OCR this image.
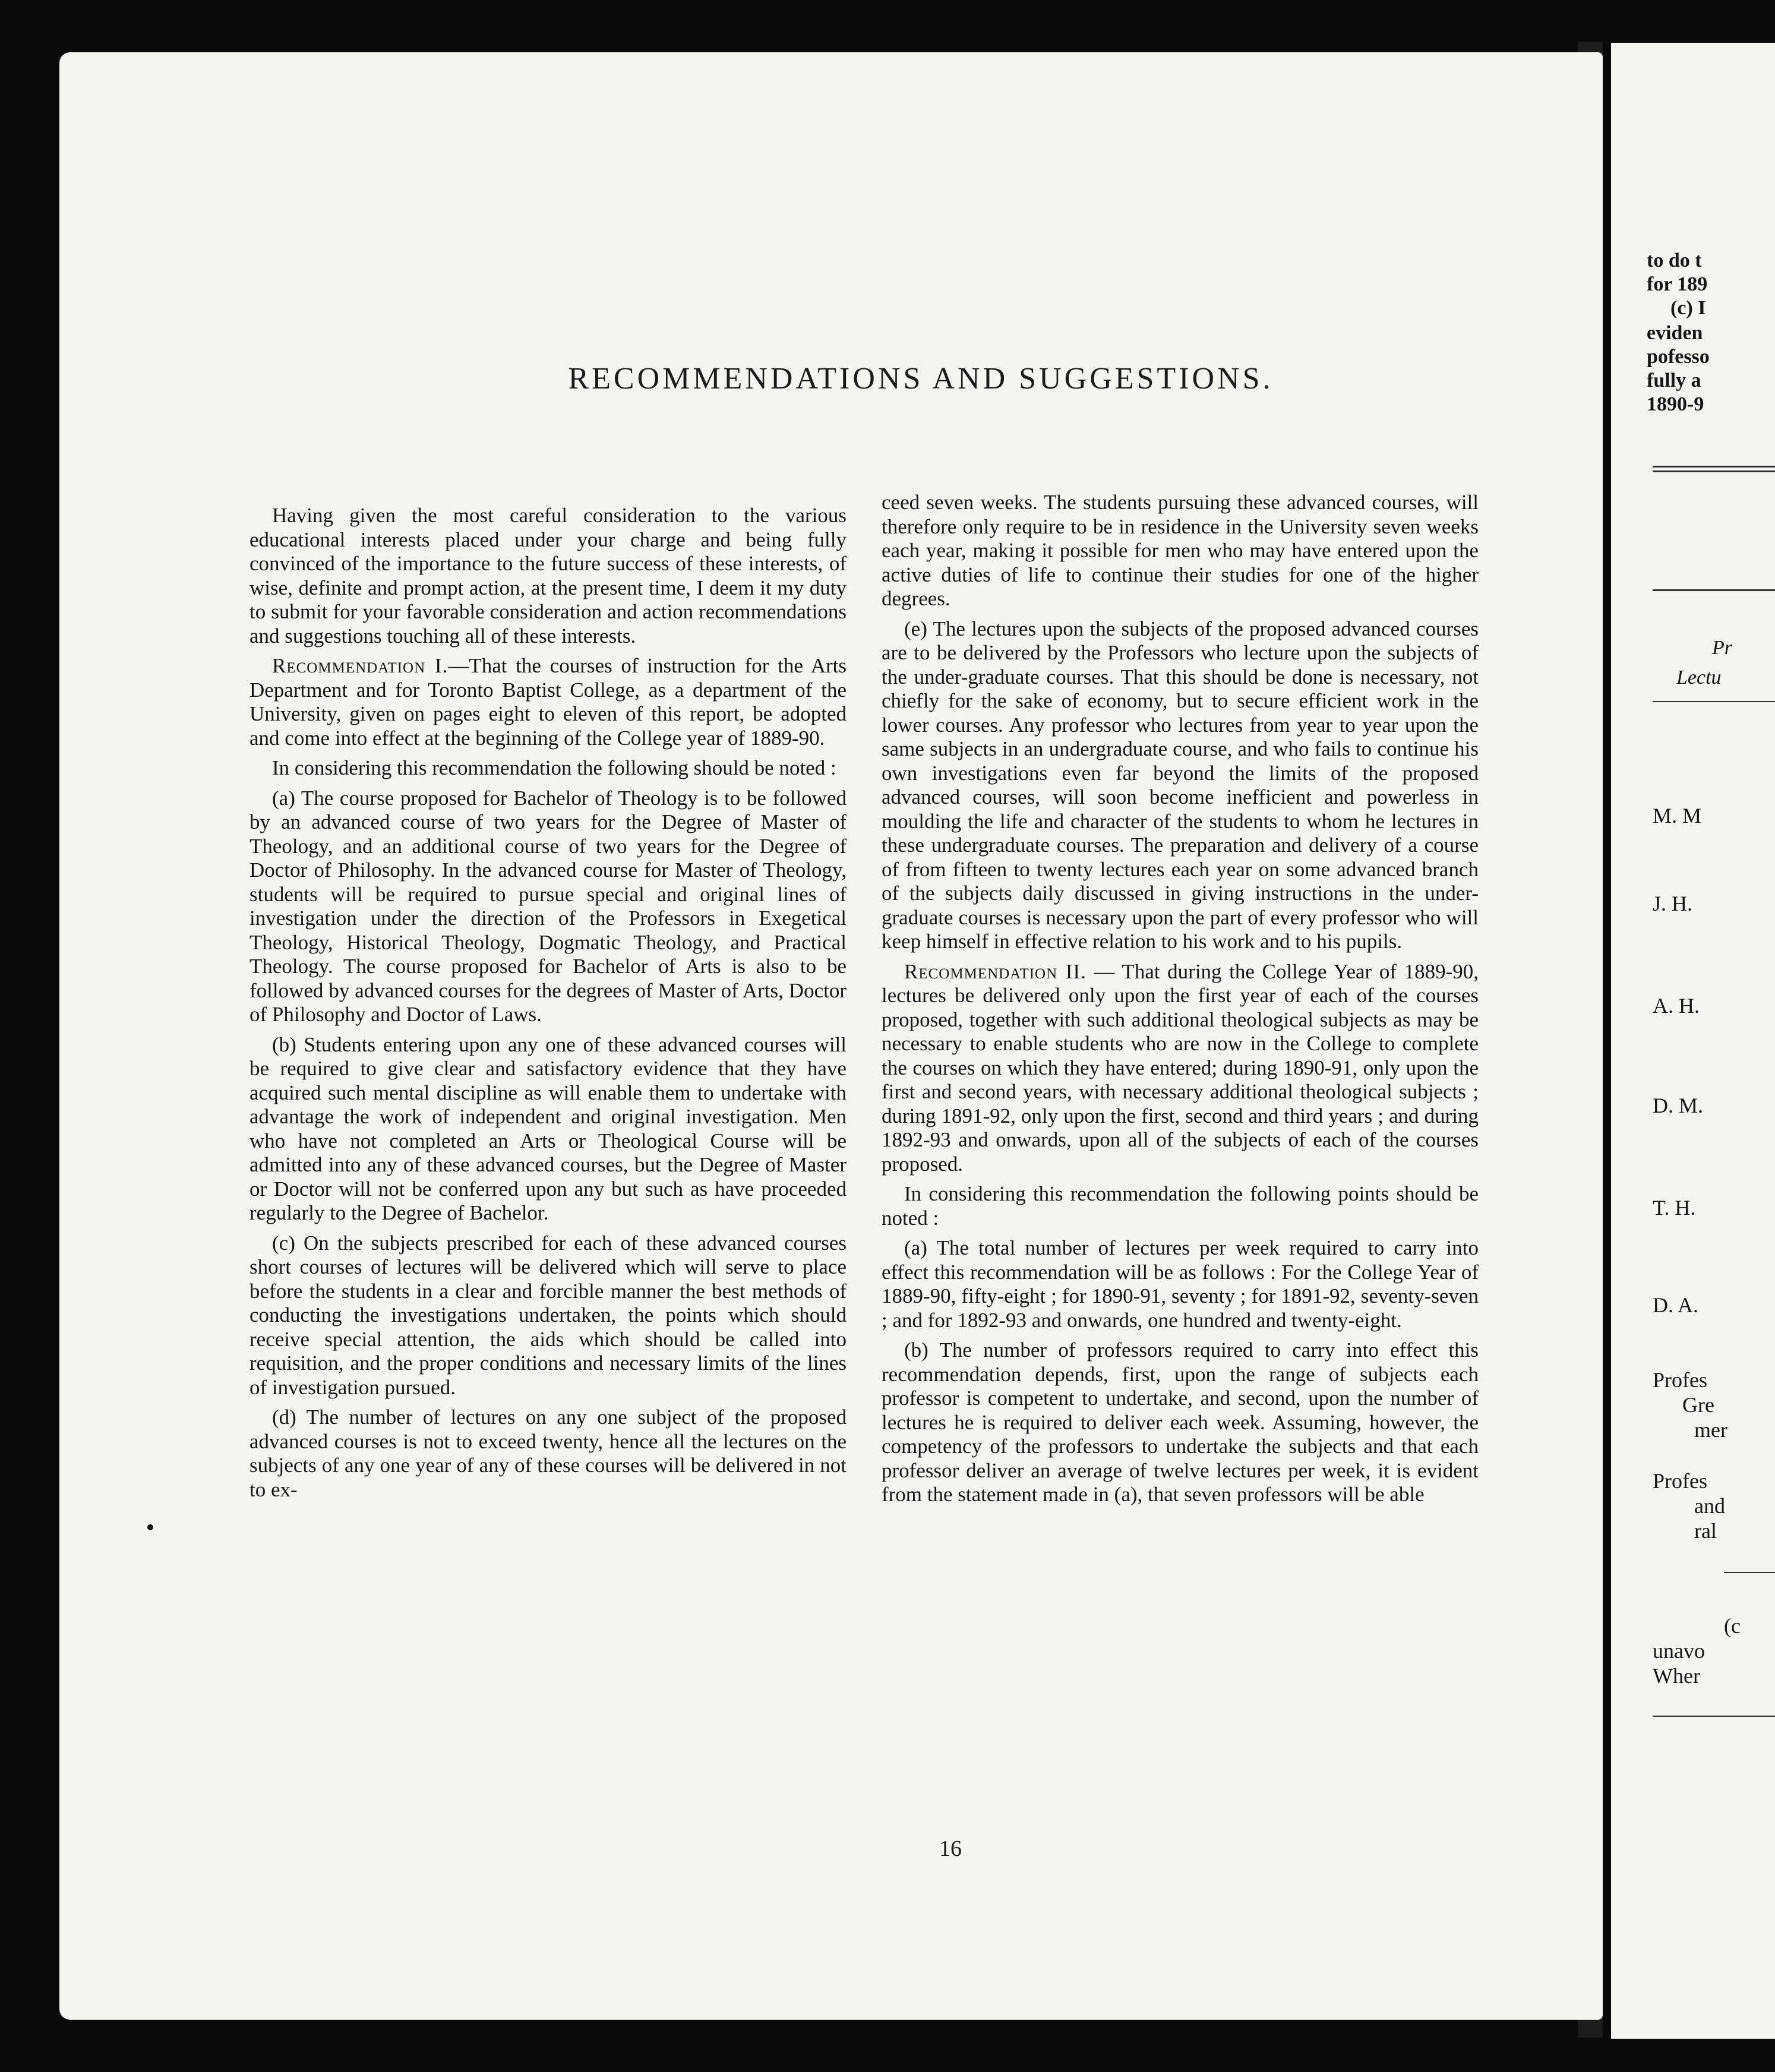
RECOMMENDATIONS AND SUGGESTIONS.

Having given the most careful consideration to the various educational interests placed under your charge and being fully convinced of the importance to the future success of these interests, of wise, definite and prompt action, at the present time, I deem it my duty to submit for your favorable consideration and action recommendations and suggestions touching all of these interests.

Recommendation I.—That the courses of instruction for the Arts Department and for Toronto Baptist College, as a department of the University, given on pages eight to eleven of this report, be adopted and come into effect at the beginning of the College year of 1889-90.

In considering this recommendation the following should be noted :

(a) The course proposed for Bachelor of Theology is to be followed by an advanced course of two years for the Degree of Master of Theology, and an additional course of two years for the Degree of Doctor of Philosophy. In the advanced course for Master of Theology, students will be required to pursue special and original lines of investigation under the direction of the Professors in Exegetical Theology, Historical Theology, Dogmatic Theology, and Practical Theology. The course proposed for Bachelor of Arts is also to be followed by advanced courses for the degrees of Master of Arts, Doctor of Philosophy and Doctor of Laws.

(b) Students entering upon any one of these advanced courses will be required to give clear and satisfactory evidence that they have acquired such mental discipline as will enable them to undertake with advantage the work of independent and original investigation. Men who have not completed an Arts or Theological Course will be admitted into any of these advanced courses, but the Degree of Master or Doctor will not be conferred upon any but such as have proceeded regularly to the Degree of Bachelor.

(c) On the subjects prescribed for each of these advanced courses short courses of lectures will be delivered which will serve to place before the students in a clear and forcible manner the best methods of conducting the investigations undertaken, the points which should receive special attention, the aids which should be called into requisition, and the proper conditions and necessary limits of the lines of investigation pursued.

(d) The number of lectures on any one subject of the proposed advanced courses is not to exceed twenty, hence all the lectures on the subjects of any one year of any of these courses will be delivered in not to ex-

ceed seven weeks. The students pursuing these advanced courses, will therefore only require to be in residence in the University seven weeks each year, making it possible for men who may have entered upon the active duties of life to continue their studies for one of the higher degrees.

(e) The lectures upon the subjects of the proposed advanced courses are to be delivered by the Professors who lecture upon the subjects of the under-graduate courses. That this should be done is necessary, not chiefly for the sake of economy, but to secure efficient work in the lower courses. Any professor who lectures from year to year upon the same subjects in an undergraduate course, and who fails to continue his own investigations even far beyond the limits of the proposed advanced courses, will soon become inefficient and powerless in moulding the life and character of the students to whom he lectures in these undergraduate courses. The preparation and delivery of a course of from fifteen to twenty lectures each year on some advanced branch of the subjects daily discussed in giving instructions in the under-graduate courses is necessary upon the part of every professor who will keep himself in effective relation to his work and to his pupils.

Recommendation II. — That during the College Year of 1889-90, lectures be delivered only upon the first year of each of the courses proposed, together with such additional theological subjects as may be necessary to enable students who are now in the College to complete the courses on which they have entered; during 1890-91, only upon the first and second years, with necessary additional theological subjects ; during 1891-92, only upon the first, second and third years ; and during 1892-93 and onwards, upon all of the subjects of each of the courses proposed.

In considering this recommendation the following points should be noted :

(a) The total number of lectures per week required to carry into effect this recommendation will be as follows : For the College Year of 1889-90, fifty-eight ; for 1890-91, seventy ; for 1891-92, seventy-seven ; and for 1892-93 and onwards, one hundred and twenty-eight.

(b) The number of professors required to carry into effect this recommendation depends, first, upon the range of subjects each professor is competent to undertake, and second, upon the number of lectures he is required to deliver each week. Assuming, however, the competency of the professors to undertake the subjects and that each professor deliver an average of twelve lectures per week, it is evident from the statement made in (a), that seven professors will be able

16
to do t
for 189
(c) I
eviden
pofesso
fully a
1890-9
Pr
Lectu
M. M
J. H.
A. H.
D. M.
T. H.
D. A.
Profes
Gre
mer
Profes
and
ral
(c
unavo
Wher
